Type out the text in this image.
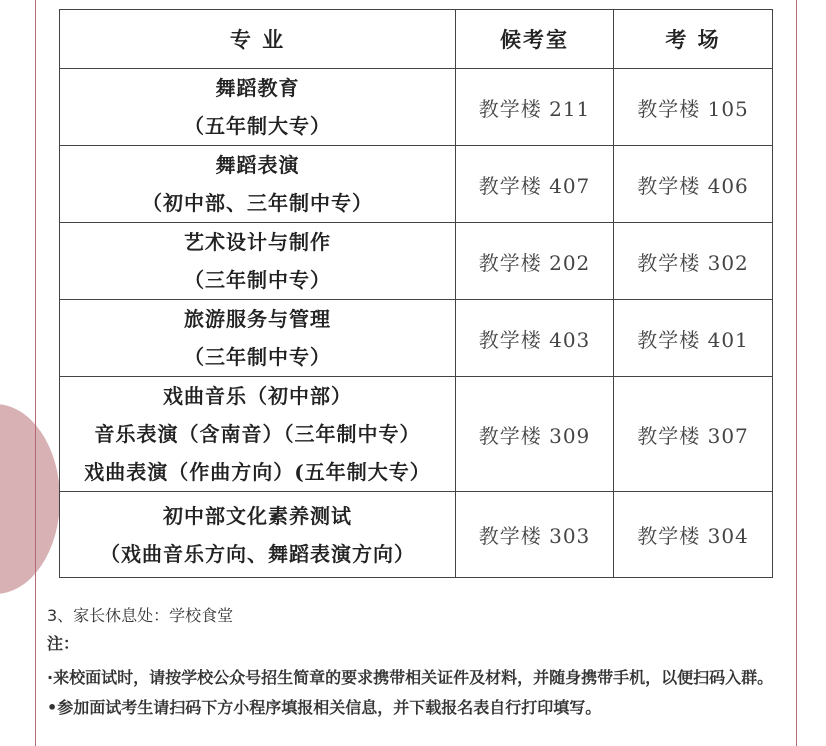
专 业	候考室	考 场

舞蹈教育
（五年制大专）	教学楼 211	教学楼 105

舞蹈表演
（初中部、三年制中专）	教学楼 407	教学楼 406

艺术设计与制作
（三年制中专）	教学楼 202	教学楼 302

旅游服务与管理
（三年制中专）	教学楼 403	教学楼 401

戏曲音乐（初中部）
音乐表演（含南音）（三年制中专）
戏曲表演（作曲方向）(五年制大专）	教学楼 309	教学楼 307

初中部文化素养测试
（戏曲音乐方向、舞蹈表演方向）	教学楼 303	教学楼 304
3、家长休息处：学校食堂
注：
·来校面试时，请按学校公众号招生简章的要求携带相关证件及材料，并随身携带手机，以便扫码入群。
•参加面试考生请扫码下方小程序填报相关信息，并下载报名表自行打印填写。
